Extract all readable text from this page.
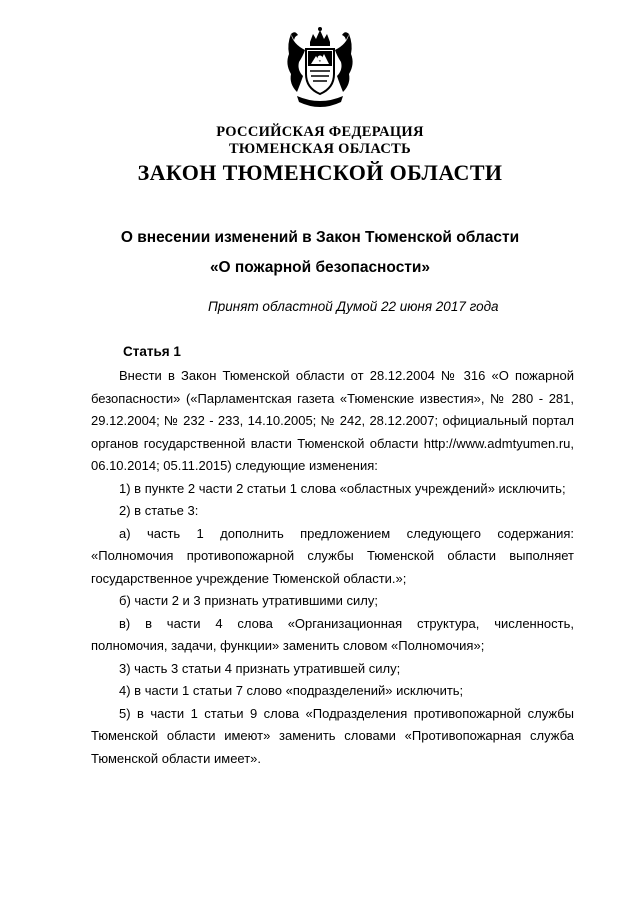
РОССИЙСКАЯ ФЕДЕРАЦИЯ
ТЮМЕНСКАЯ ОБЛАСТЬ
ЗАКОН ТЮМЕНСКОЙ ОБЛАСТИ
О внесении изменений в Закон Тюменской области
«О пожарной безопасности»
Принят областной Думой 22 июня 2017 года
Статья 1

Внести в Закон Тюменской области от 28.12.2004 № 316 «О пожарной безопасности» («Парламентская газета «Тюменские известия», № 280 - 281, 29.12.2004; № 232 - 233, 14.10.2005; № 242, 28.12.2007; официальный портал органов государственной власти Тюменской области http://www.admtyumen.ru, 06.10.2014; 05.11.2015) следующие изменения:

1) в пункте 2 части 2 статьи 1 слова «областных учреждений» исключить;

2) в статье 3:

а) часть 1 дополнить предложением следующего содержания: «Полномочия противопожарной службы Тюменской области выполняет государственное учреждение Тюменской области.»;

б) части 2 и 3 признать утратившими силу;

в) в части 4 слова «Организационная структура, численность, полномочия, задачи, функции» заменить словом «Полномочия»;

3) часть 3 статьи 4 признать утратившей силу;

4) в части 1 статьи 7 слово «подразделений» исключить;

5) в части 1 статьи 9 слова «Подразделения противопожарной службы Тюменской области имеют» заменить словами «Противопожарная служба Тюменской области имеет».
